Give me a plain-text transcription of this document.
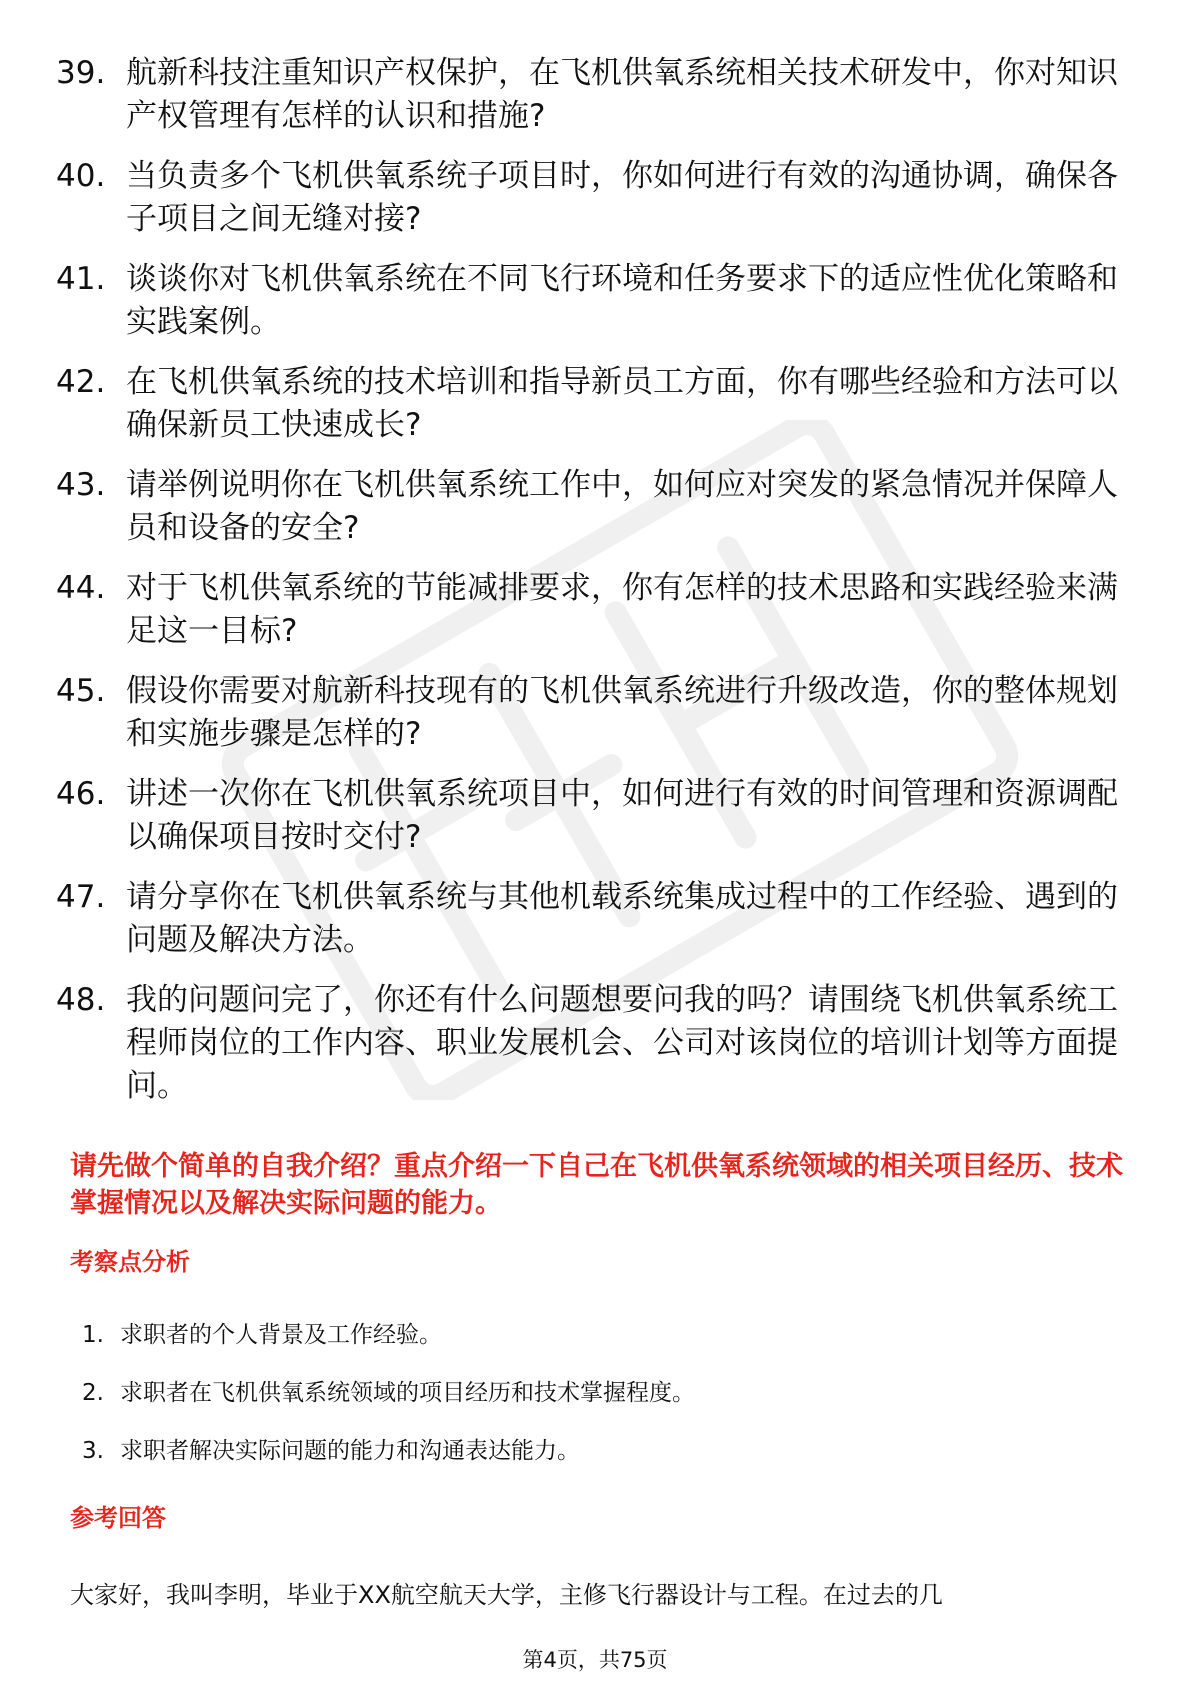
39. 航新科技注重知识产权保护，在飞机供氧系统相关技术研发中，你对知识产权管理有怎样的认识和措施?
40. 当负责多个飞机供氧系统子项目时，你如何进行有效的沟通协调，确保各子项目之间无缝对接?
41. 谈谈你对飞机供氧系统在不同飞行环境和任务要求下的适应性优化策略和实践案例。
42. 在飞机供氧系统的技术培训和指导新员工方面，你有哪些经验和方法可以确保新员工快速成长?
43. 请举例说明你在飞机供氧系统工作中，如何应对突发的紧急情况并保障人员和设备的安全?
44. 对于飞机供氧系统的节能减排要求，你有怎样的技术思路和实践经验来满足这一目标?
45. 假设你需要对航新科技现有的飞机供氧系统进行升级改造，你的整体规划和实施步骤是怎样的?
46. 讲述一次你在飞机供氧系统项目中，如何进行有效的时间管理和资源调配以确保项目按时交付?
47. 请分享你在飞机供氧系统与其他机载系统集成过程中的工作经验、遇到的问题及解决方法。
48. 我的问题问完了，你还有什么问题想要问我的吗？请围绕飞机供氧系统工程师岗位的工作内容、职业发展机会、公司对该岗位的培训计划等方面提问。

请先做个简单的自我介绍？重点介绍一下自己在飞机供氧系统领域的相关项目经历、技术掌握情况以及解决实际问题的能力。

考察点分析
1. 求职者的个人背景及工作经验。
2. 求职者在飞机供氧系统领域的项目经历和技术掌握程度。
3. 求职者解决实际问题的能力和沟通表达能力。
参考回答

大家好，我叫李明，毕业于XX航空航天大学，主修飞行器设计与工程。在过去的几

第4页，共75页
